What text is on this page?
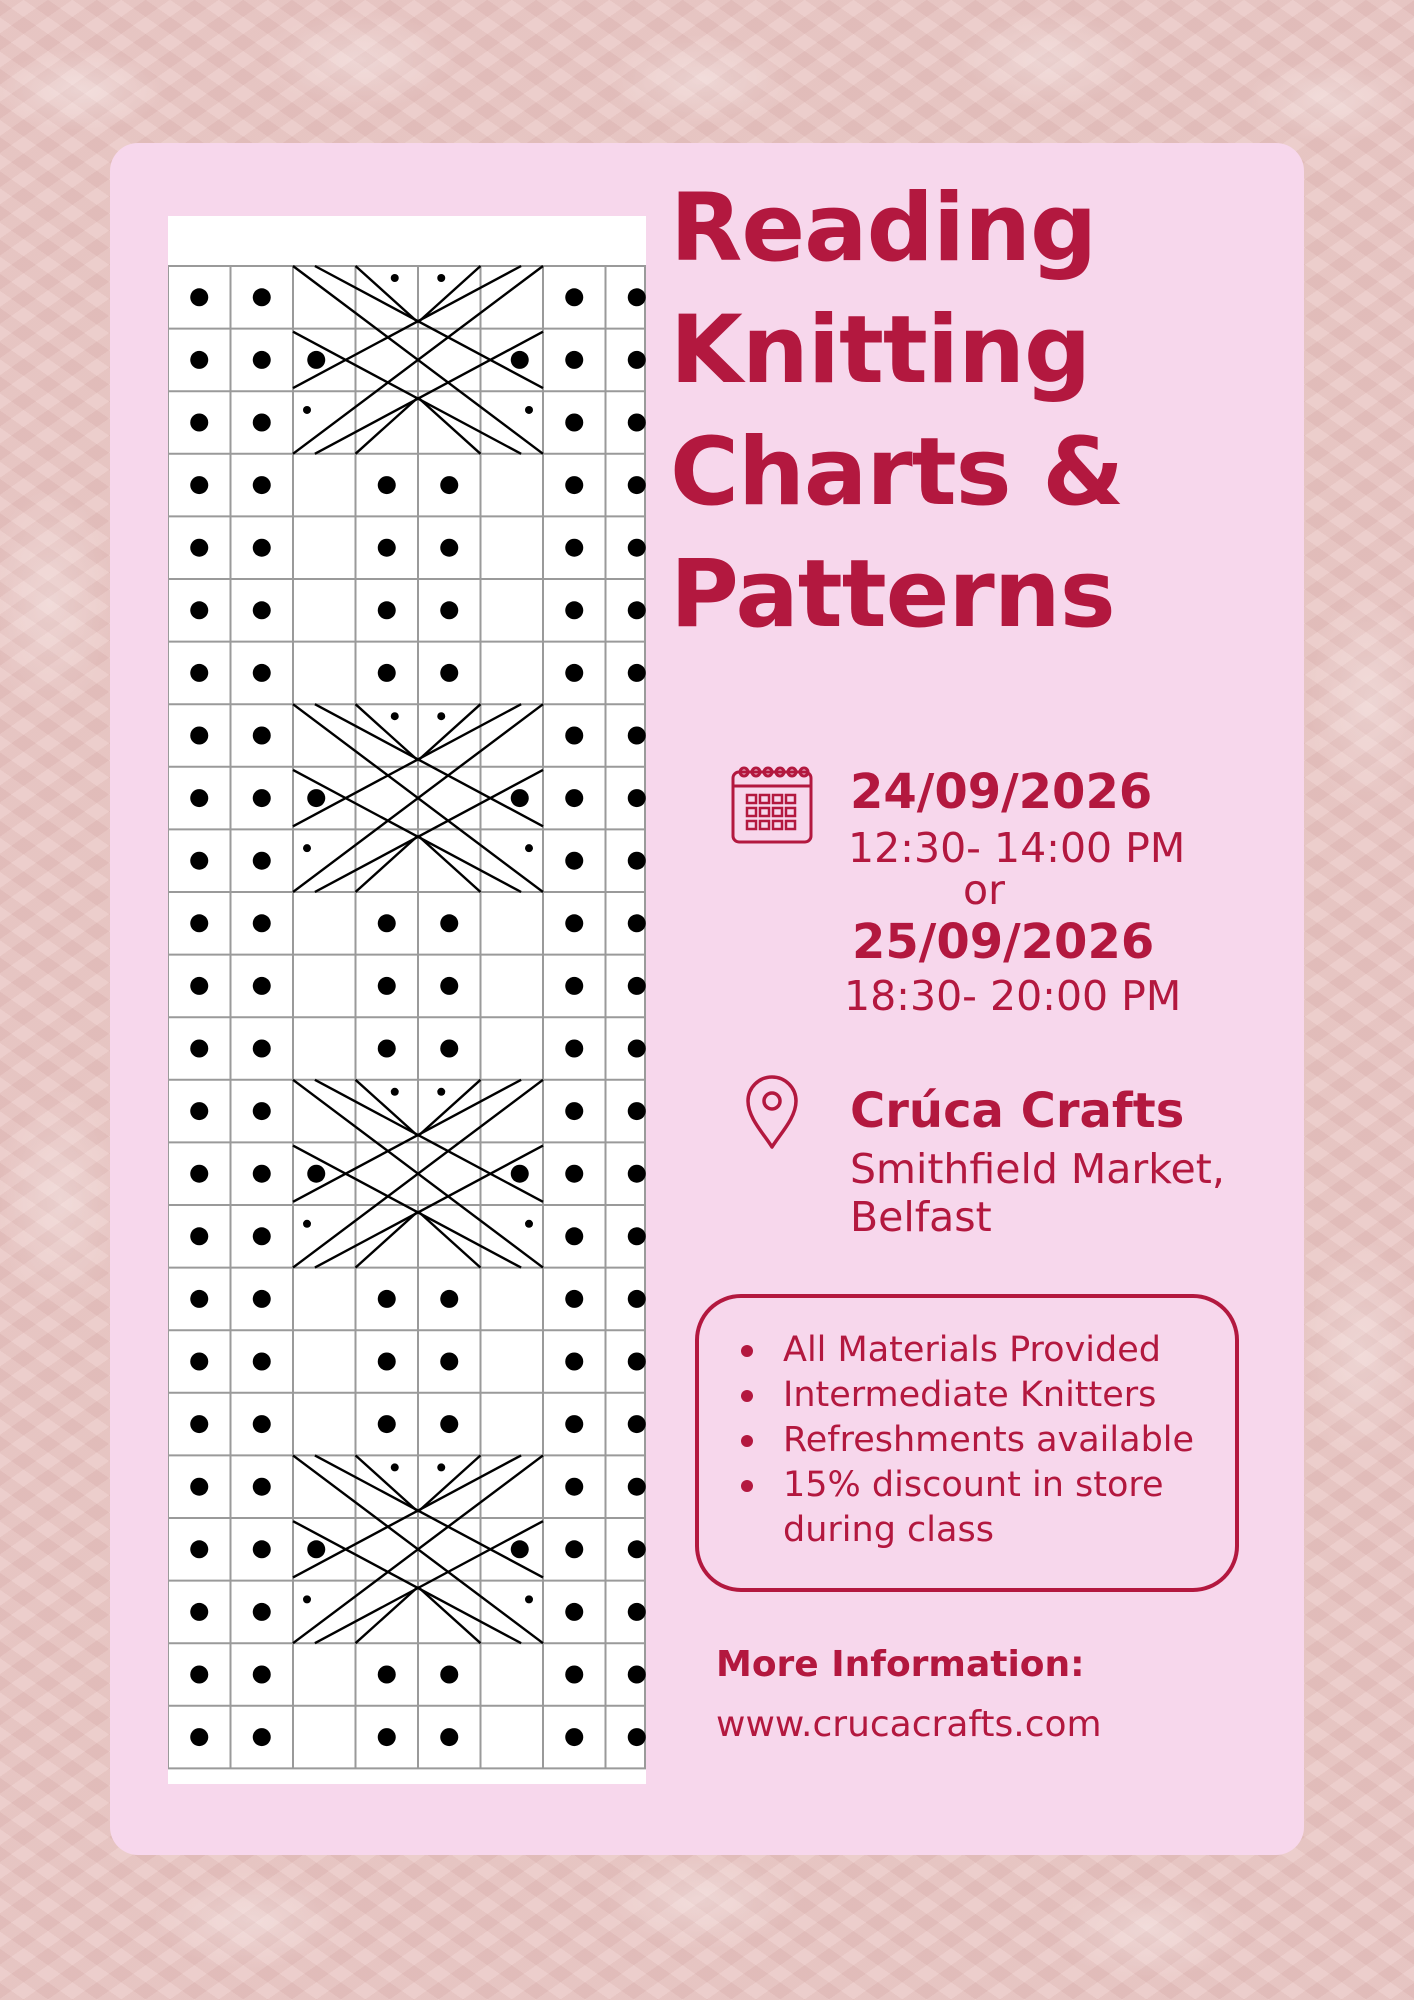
Reading
Knitting
Charts &
Patterns
24/09/2026
12:30- 14:00 PM
or
25/09/2026
18:30- 20:00 PM
Crúca Crafts
Smithfield Market,
Belfast
All Materials Provided
Intermediate Knitters
Refreshments available
15% discount in store during class
More Information:
www.crucacrafts.com
